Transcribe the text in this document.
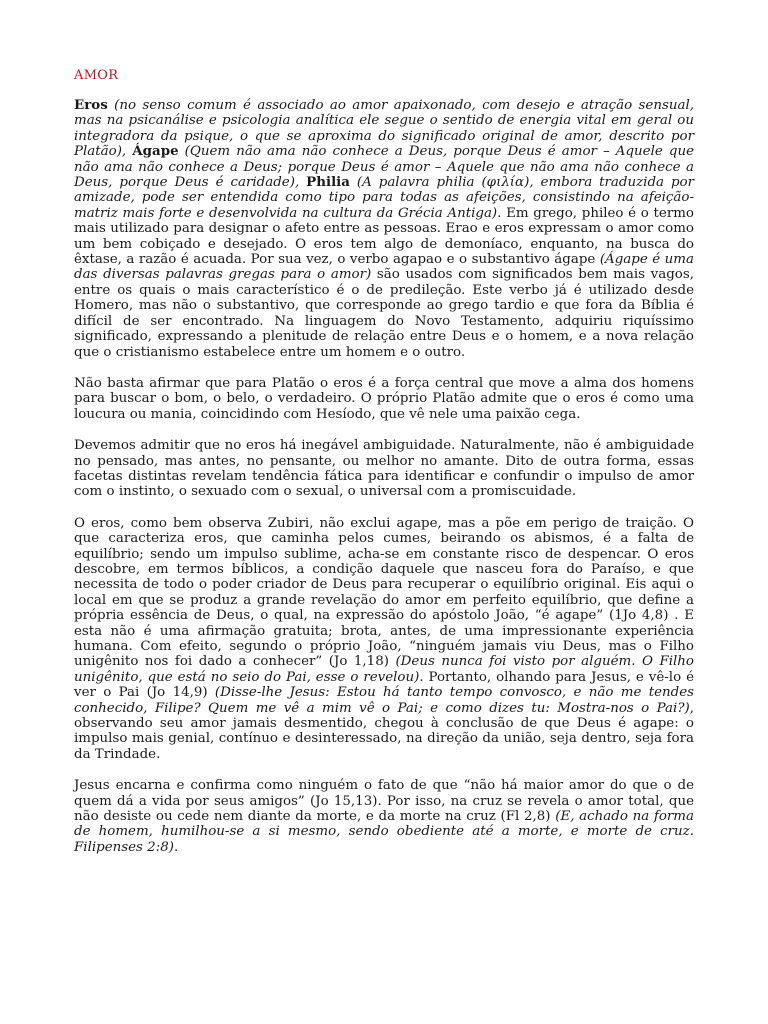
AMOR

Eros (no senso comum é associado ao amor apaixonado, com desejo e atração sensual, mas na psicanálise e psicologia analítica ele segue o sentido de energia vital em geral ou integradora da psique, o que se aproxima do significado original de amor, descrito por Platão), Ágape (Quem não ama não conhece a Deus, porque Deus é amor – Aquele que não ama não conhece a Deus; porque Deus é amor – Aquele que não ama não conhece a Deus, porque Deus é caridade), Philia (A palavra philia (φιλία), embora traduzida por amizade, pode ser entendida como tipo para todas as afeições, consistindo na afeição-matriz mais forte e desenvolvida na cultura da Grécia Antiga). Em grego, phileo é o termo mais utilizado para designar o afeto entre as pessoas. Erao e eros expressam o amor como um bem cobiçado e desejado. O eros tem algo de demoníaco, enquanto, na busca do êxtase, a razão é acuada. Por sua vez, o verbo agapao e o substantivo ágape (Ágape é uma das diversas palavras gregas para o amor) são usados com significados bem mais vagos, entre os quais o mais característico é o de predileção. Este verbo já é utilizado desde Homero, mas não o substantivo, que corresponde ao grego tardio e que fora da Bíblia é difícil de ser encontrado. Na linguagem do Novo Testamento, adquiriu riquíssimo significado, expressando a plenitude de relação entre Deus e o homem, e a nova relação que o cristianismo estabelece entre um homem e o outro.

Não basta afirmar que para Platão o eros é a força central que move a alma dos homens para buscar o bom, o belo, o verdadeiro. O próprio Platão admite que o eros é como uma loucura ou mania, coincidindo com Hesíodo, que vê nele uma paixão cega.

Devemos admitir que no eros há inegável ambiguidade. Naturalmente, não é ambiguidade no pensado, mas antes, no pensante, ou melhor no amante. Dito de outra forma, essas facetas distintas revelam tendência fática para identificar e confundir o impulso de amor com o instinto, o sexuado com o sexual, o universal com a promiscuidade.

O eros, como bem observa Zubiri, não exclui agape, mas a põe em perigo de traição. O que caracteriza eros, que caminha pelos cumes, beirando os abismos, é a falta de equilíbrio; sendo um impulso sublime, acha-se em constante risco de despencar. O eros descobre, em termos bíblicos, a condição daquele que nasceu fora do Paraíso, e que necessita de todo o poder criador de Deus para recuperar o equilíbrio original. Eis aqui o local em que se produz a grande revelação do amor em perfeito equilíbrio, que define a própria essência de Deus, o qual, na expressão do apóstolo João, “é agape” (1Jo 4,8) . E esta não é uma afirmação gratuita; brota, antes, de uma impressionante experiência humana. Com efeito, segundo o próprio João, “ninguém jamais viu Deus, mas o Filho unigênito nos foi dado a conhecer” (Jo 1,18) (Deus nunca foi visto por alguém. O Filho unigênito, que está no seio do Pai, esse o revelou). Portanto, olhando para Jesus, e vê-lo é ver o Pai (Jo 14,9) (Disse-lhe Jesus: Estou há tanto tempo convosco, e não me tendes conhecido, Filipe? Quem me vê a mim vê o Pai; e como dizes tu: Mostra-nos o Pai?), observando seu amor jamais desmentido, chegou à conclusão de que Deus é agape: o impulso mais genial, contínuo e desinteressado, na direção da união, seja dentro, seja fora da Trindade.

Jesus encarna e confirma como ninguém o fato de que “não há maior amor do que o de quem dá a vida por seus amigos” (Jo 15,13). Por isso, na cruz se revela o amor total, que não desiste ou cede nem diante da morte, e da morte na cruz (Fl 2,8) (E, achado na forma de homem, humilhou-se a si mesmo, sendo obediente até a morte, e morte de cruz. Filipenses 2:8).
